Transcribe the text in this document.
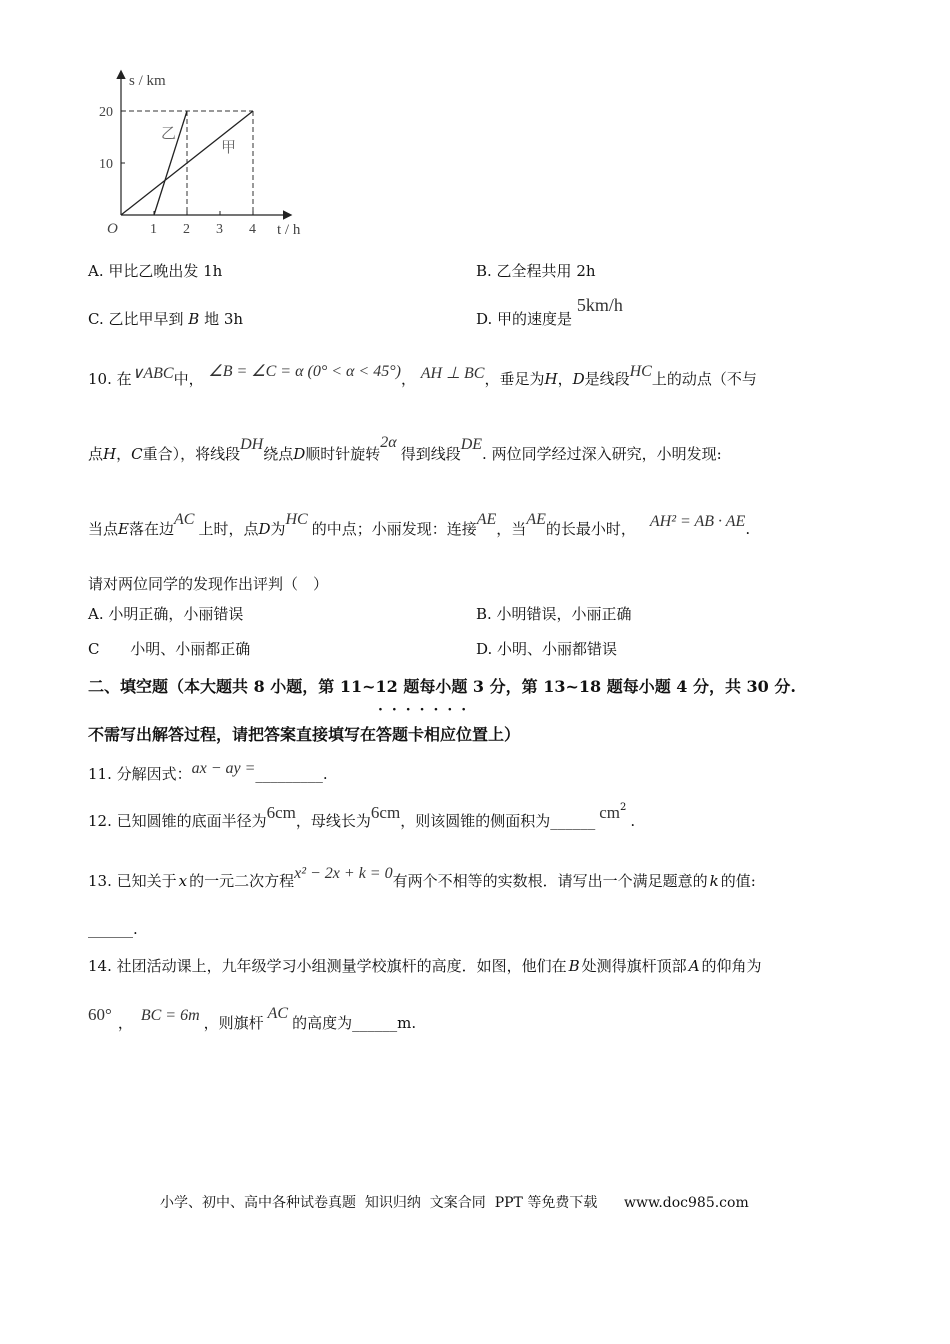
s / km
t / h
O
20
10
1 2 3 4
乙
甲
A. 甲比乙晚出发 1h	B. 乙全程共用 2h
C. 乙比甲早到 B 地 3h	D. 甲的速度是 5km/h
10. 在∨ABC中， ∠B = ∠C = α (0° < α < 45°)， AH ⊥ BC，垂足为H，D是线段HC上的动点（不与
点H，C重合），将线段DH绕点D顺时针旋转2α得到线段DE. 两位同学经过深入研究，小明发现:
当点E落在边AC上时，点D为HC的中点；小丽发现：连接AE，当AE的长最小时， AH² = AB · AE.
请对两位同学的发现作出评判（　）
A. 小明正确，小丽错误	B. 小明错误，小丽正确
C 小明、小丽都正确	D. 小明、小丽都错误
二、填空题（本大题共 8 小题，第 11~12 题每小题 3 分，第 13~18 题每小题 4 分，共 30 分.
不需写出解答过程，请把答案直接填写在
·······
答题卡相应位置上）
11. 分解因式：ax − ay =_________.
12. 已知圆锥的底面半径为6cm，母线长为6cm，则该圆锥的侧面积为______ $cm^2$.
13. 已知关于 x 的一元二次方程x² − 2x + k = 0有两个不相等的实数根．请写出一个满足题意的 k 的值:
______.
14. 社团活动课上，九年级学习小组测量学校旗杆的高度．如图，他们在 B 处测得旗杆顶部 A 的仰角为
60° ， BC = 6m ，则旗杆AC的高度为______m.
小学、初中、高中各种试卷真题  知识归纳  文案合同  PPT 等免费下载      www.doc985.com
